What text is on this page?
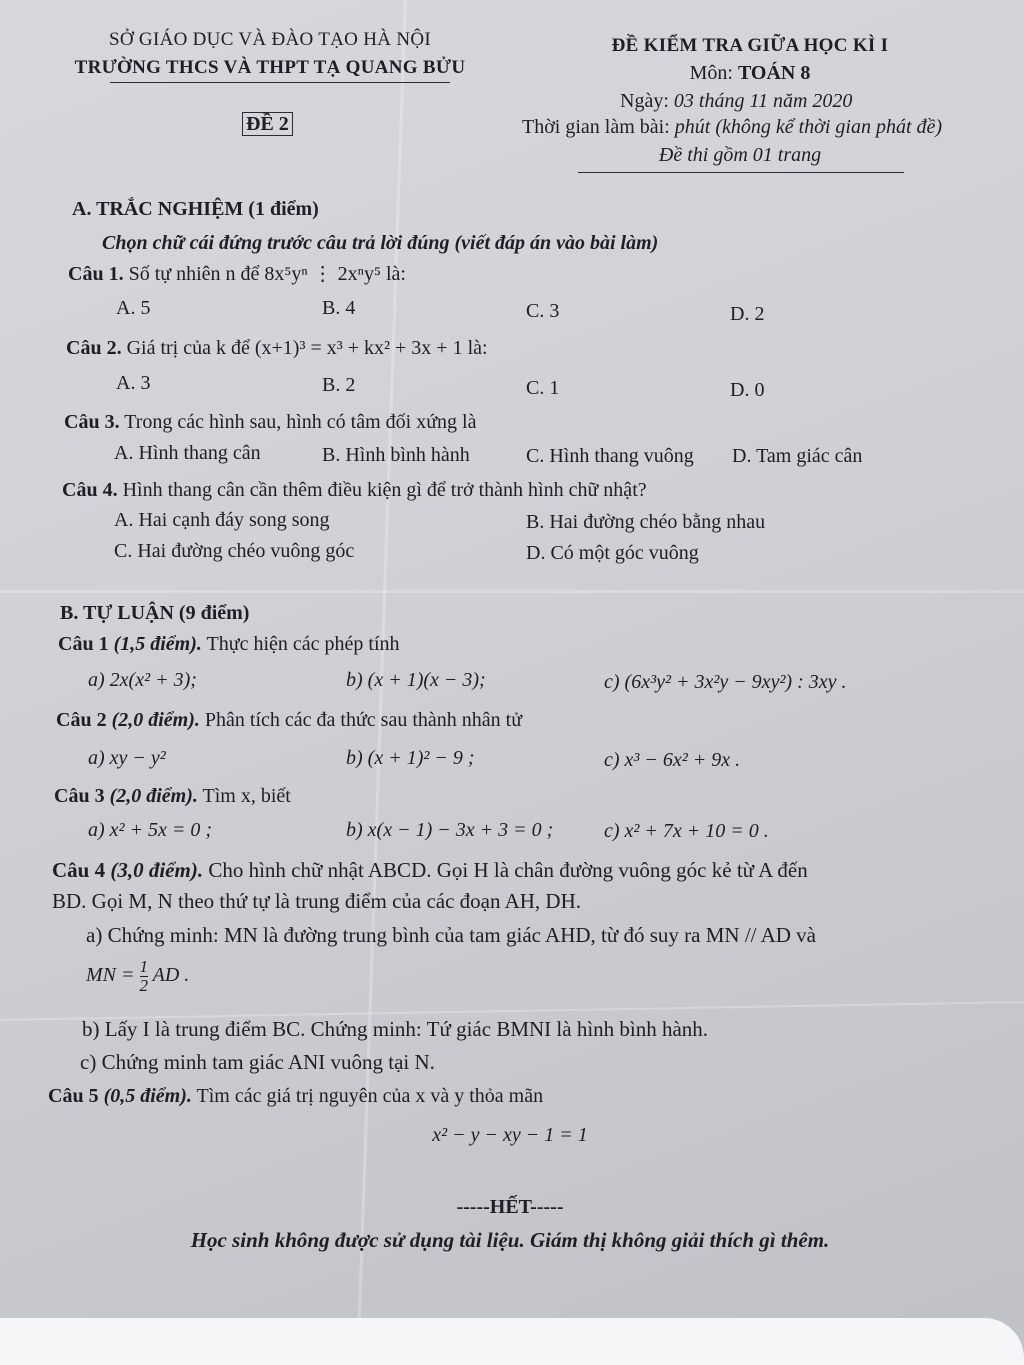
SỞ GIÁO DỤC VÀ ĐÀO TẠO HÀ NỘI
TRƯỜNG THCS VÀ THPT TẠ QUANG BỬU
ĐỀ 2
ĐỀ KIỂM TRA GIỮA HỌC KÌ I
Môn: TOÁN 8
Ngày: 03 tháng 11 năm 2020
Thời gian làm bài: phút (không kể thời gian phát đề)
Đề thi gồm 01 trang
A. TRẮC NGHIỆM (1 điểm)
Chọn chữ cái đứng trước câu trả lời đúng (viết đáp án vào bài làm)
Câu 1. Số tự nhiên n để 8x⁵yⁿ ⋮ 2xⁿy⁵ là:
A. 5	B. 4	C. 3	D. 2
Câu 2. Giá trị của k để (x+1)³ = x³ + kx² + 3x + 1 là:
A. 3	B. 2	C. 1	D. 0
Câu 3. Trong các hình sau, hình có tâm đối xứng là
A. Hình thang cân	B. Hình bình hành	C. Hình thang vuông D. Tam giác cân
Câu 4. Hình thang cân cần thêm điều kiện gì để trở thành hình chữ nhật?
A. Hai cạnh đáy song song	B. Hai đường chéo bằng nhau
C. Hai đường chéo vuông góc	D. Có một góc vuông
B. TỰ LUẬN (9 điểm)
Câu 1 (1,5 điểm). Thực hiện các phép tính
a) 2x(x² + 3);	b) (x + 1)(x − 3);	c) (6x³y² + 3x²y − 9xy²) : 3xy .
Câu 2 (2,0 điểm). Phân tích các đa thức sau thành nhân tử
a) xy − y²	b) (x + 1)² − 9 ;	c) x³ − 6x² + 9x .
Câu 3 (2,0 điểm). Tìm x, biết
a) x² + 5x = 0 ;	b) x(x − 1) − 3x + 3 = 0 ;	c) x² + 7x + 10 = 0 .
Câu 4 (3,0 điểm). Cho hình chữ nhật ABCD. Gọi H là chân đường vuông góc kẻ từ A đến
BD. Gọi M, N theo thứ tự là trung điểm của các đoạn AH, DH.
a) Chứng minh: MN là đường trung bình của tam giác AHD, từ đó suy ra MN // AD và
MN = $\frac{1}{2}$ AD .
b) Lấy I là trung điểm BC. Chứng minh: Tứ giác BMNI là hình bình hành.
c) Chứng minh tam giác ANI vuông tại N.
Câu 5 (0,5 điểm). Tìm các giá trị nguyên của x và y thỏa mãn
x² − y − xy − 1 = 1
-----HẾT-----
Học sinh không được sử dụng tài liệu. Giám thị không giải thích gì thêm.
